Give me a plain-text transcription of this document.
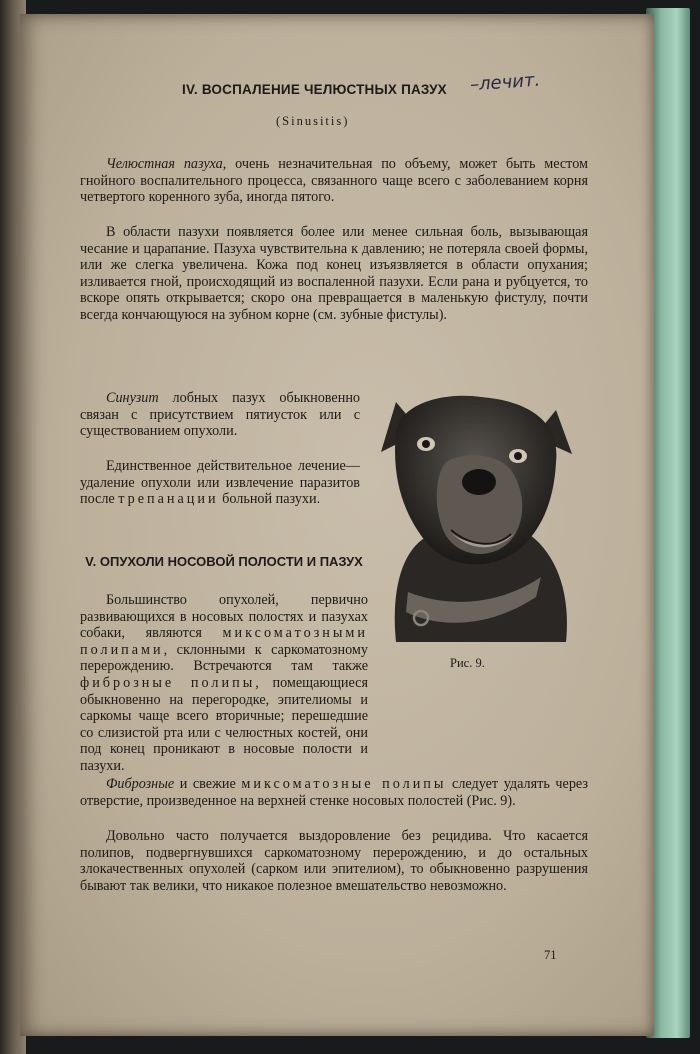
IV. ВОСПАЛЕНИЕ ЧЕЛЮСТНЫХ ПАЗУХ –лечит.
(Sinusitis)

Челюстная пазуха, очень незначительная по объему, может быть местом гнойного воспалительного процесса, связанного чаще всего с заболеванием корня четвертого коренного зуба, иногда пятого.

В области пазухи появляется более или менее сильная боль, вызывающая чесание и царапание. Пазуха чувствительна к давлению; не потеряла своей формы, или же слегка увеличена. Кожа под конец изъязвляется в области опухания; изливается гной, происходящий из воспаленной пазухи. Если рана и рубцуется, то вскоре опять открывается; скоро она превращается в маленькую фистулу, почти всегда кончающуюся на зубном корне (см. зубные фистулы).

Синузит лобных пазух обыкновенно связан с присутствием пятиусток или с существованием опухоли.

Единственное действительное лечение—удаление опухоли или извлечение паразитов после трепанации больной пазухи.

V. ОПУХОЛИ НОСОВОЙ ПОЛОСТИ И ПАЗУХ

Большинство опухолей, первично развивающихся в носовых полостях и пазухах собаки, являются миксоматозными полипами, склонными к саркоматозному перерождению. Встречаются там также фиброзные полипы, помещающиеся обыкновенно на перегородке, эпителиомы и саркомы чаще всего вторичные; перешедшие со слизистой рта или с челюстных костей, они под конец проникают в носовые полости и пазухи.

Фиброзные и свежие миксоматозные полипы следует удалять через отверстие, произведенное на верхней стенке носовых полостей (Рис. 9).

Довольно часто получается выздоровление без рецидива. Что касается полипов, подвергнувшихся саркоматозному перерождению, и до остальных злокачественных опухолей (сарком или эпителиом), то обыкновенно разрушения бывают так велики, что никакое полезное вмешательство невозможно.

Рис. 9.
71
